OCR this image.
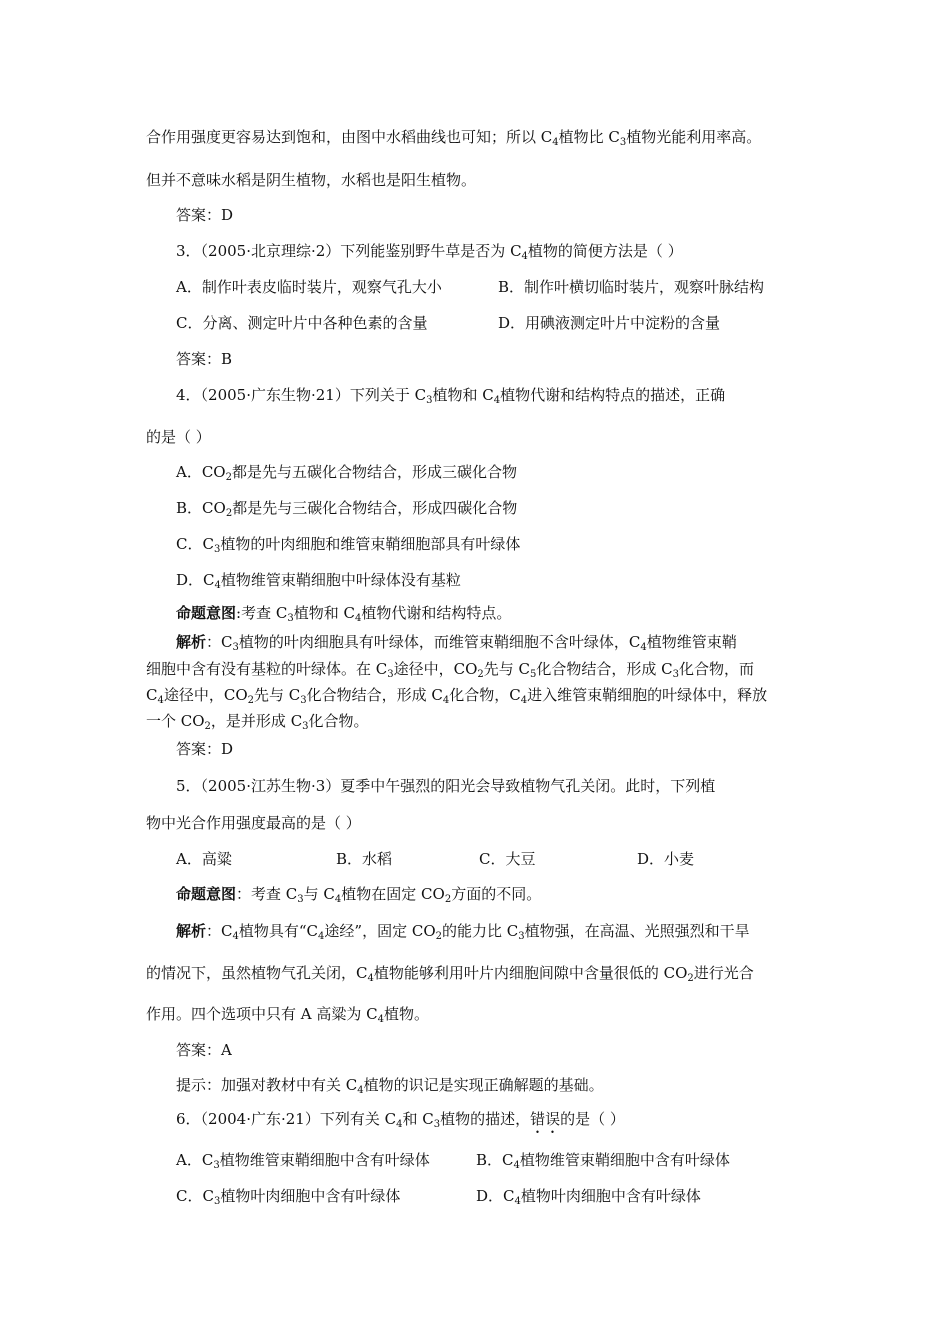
合作用强度更容易达到饱和，由图中水稻曲线也可知；所以 $C_4$植物比 $C_3$植物光能利用率高。
但并不意味水稻是阴生植物，水稻也是阳生植物。
答案：D
3．（2005·北京理综·2）下列能鉴别野牛草是否为 $C_4$植物的简便方法是（ ）
A．制作叶表皮临时装片，观察气孔大小	B．制作叶横切临时装片，观察叶脉结构
C．分离、测定叶片中各种色素的含量	D．用碘液测定叶片中淀粉的含量
答案：B
4．（2005·广东生物·21）下列关于 $C_3$植物和 $C_4$植物代谢和结构特点的描述，正确
的是（ ）
A．$CO_2$都是先与五碳化合物结合，形成三碳化合物
B．$CO_2$都是先与三碳化合物结合，形成四碳化合物
C．$C_3$植物的叶肉细胞和维管束鞘细胞部具有叶绿体
D．$C_4$植物维管束鞘细胞中叶绿体没有基粒
命题意图:考查 $C_3$植物和 $C_4$植物代谢和结构特点。
解析：$C_3$植物的叶肉细胞具有叶绿体，而维管束鞘细胞不含叶绿体，$C_4$植物维管束鞘
细胞中含有没有基粒的叶绿体。在 $C_3$途径中，$CO_2$先与 $C_5$化合物结合，形成 $C_3$化合物，而
$C_4$途径中，$CO_2$先与 $C_3$化合物结合，形成 $C_4$化合物，$C_4$进入维管束鞘细胞的叶绿体中，释放
一个 $CO_2$，是并形成 $C_3$化合物。
答案：D
5．（2005·江苏生物·3）夏季中午强烈的阳光会导致植物气孔关闭。此时，下列植
物中光合作用强度最高的是（ ）
A．高粱	B．水稻	C．大豆	D．小麦
命题意图：考查 $C_3$与 $C_4$植物在固定 $CO_2$方面的不同。
解析：$C_4$植物具有“$C_4$途经”，固定 $CO_2$的能力比 $C_3$植物强，在高温、光照强烈和干旱
的情况下，虽然植物气孔关闭，$C_4$植物能够利用叶片内细胞间隙中含量很低的 $CO_2$进行光合
作用。四个选项中只有 A 高粱为 $C_4$植物。
答案：A
提示：加强对教材中有关 $C_4$植物的识记是实现正确解题的基础。
6．（2004·广东·21）下列有关 $C_4$和 $C_3$植物的描述，错误的是（ ）
A．$C_3$植物维管束鞘细胞中含有叶绿体	B．$C_4$植物维管束鞘细胞中含有叶绿体
C．$C_3$植物叶肉细胞中含有叶绿体	D．$C_4$植物叶肉细胞中含有叶绿体
